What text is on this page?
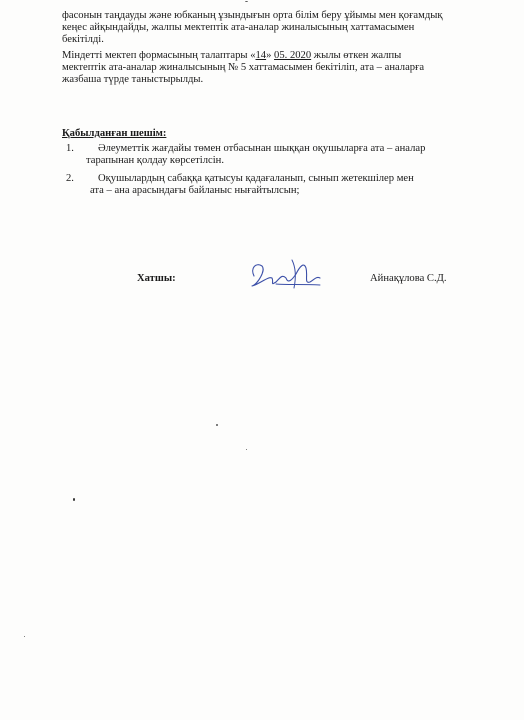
фасонын таңдауды және юбканың ұзындығын орта білім беру ұйымы мен қоғамдық
кеңес айқындайды, жалпы мектептік ата-аналар жиналысының хаттамасымен
бекітілді.
Міндетті мектеп формасының талаптары «14» 05. 2020 жылы өткен жалпы
мектептік ата-аналар жиналысының № 5 хаттамасымен бекітіліп, ата – аналарға
жазбаша түрде таныстырылды.
Қабылданған шешім:
1. Әлеуметтік жағдайы төмен отбасынан шыққан оқушыларға ата – аналар
тарапынан қолдау көрсетілсін.
2. Оқушылардың сабаққа қатысуы қадағаланып, сынып жетекшілер мен
ата – ана арасындағы байланыс нығайтылсын;
Хатшы:	Айнақұлова С.Д.
